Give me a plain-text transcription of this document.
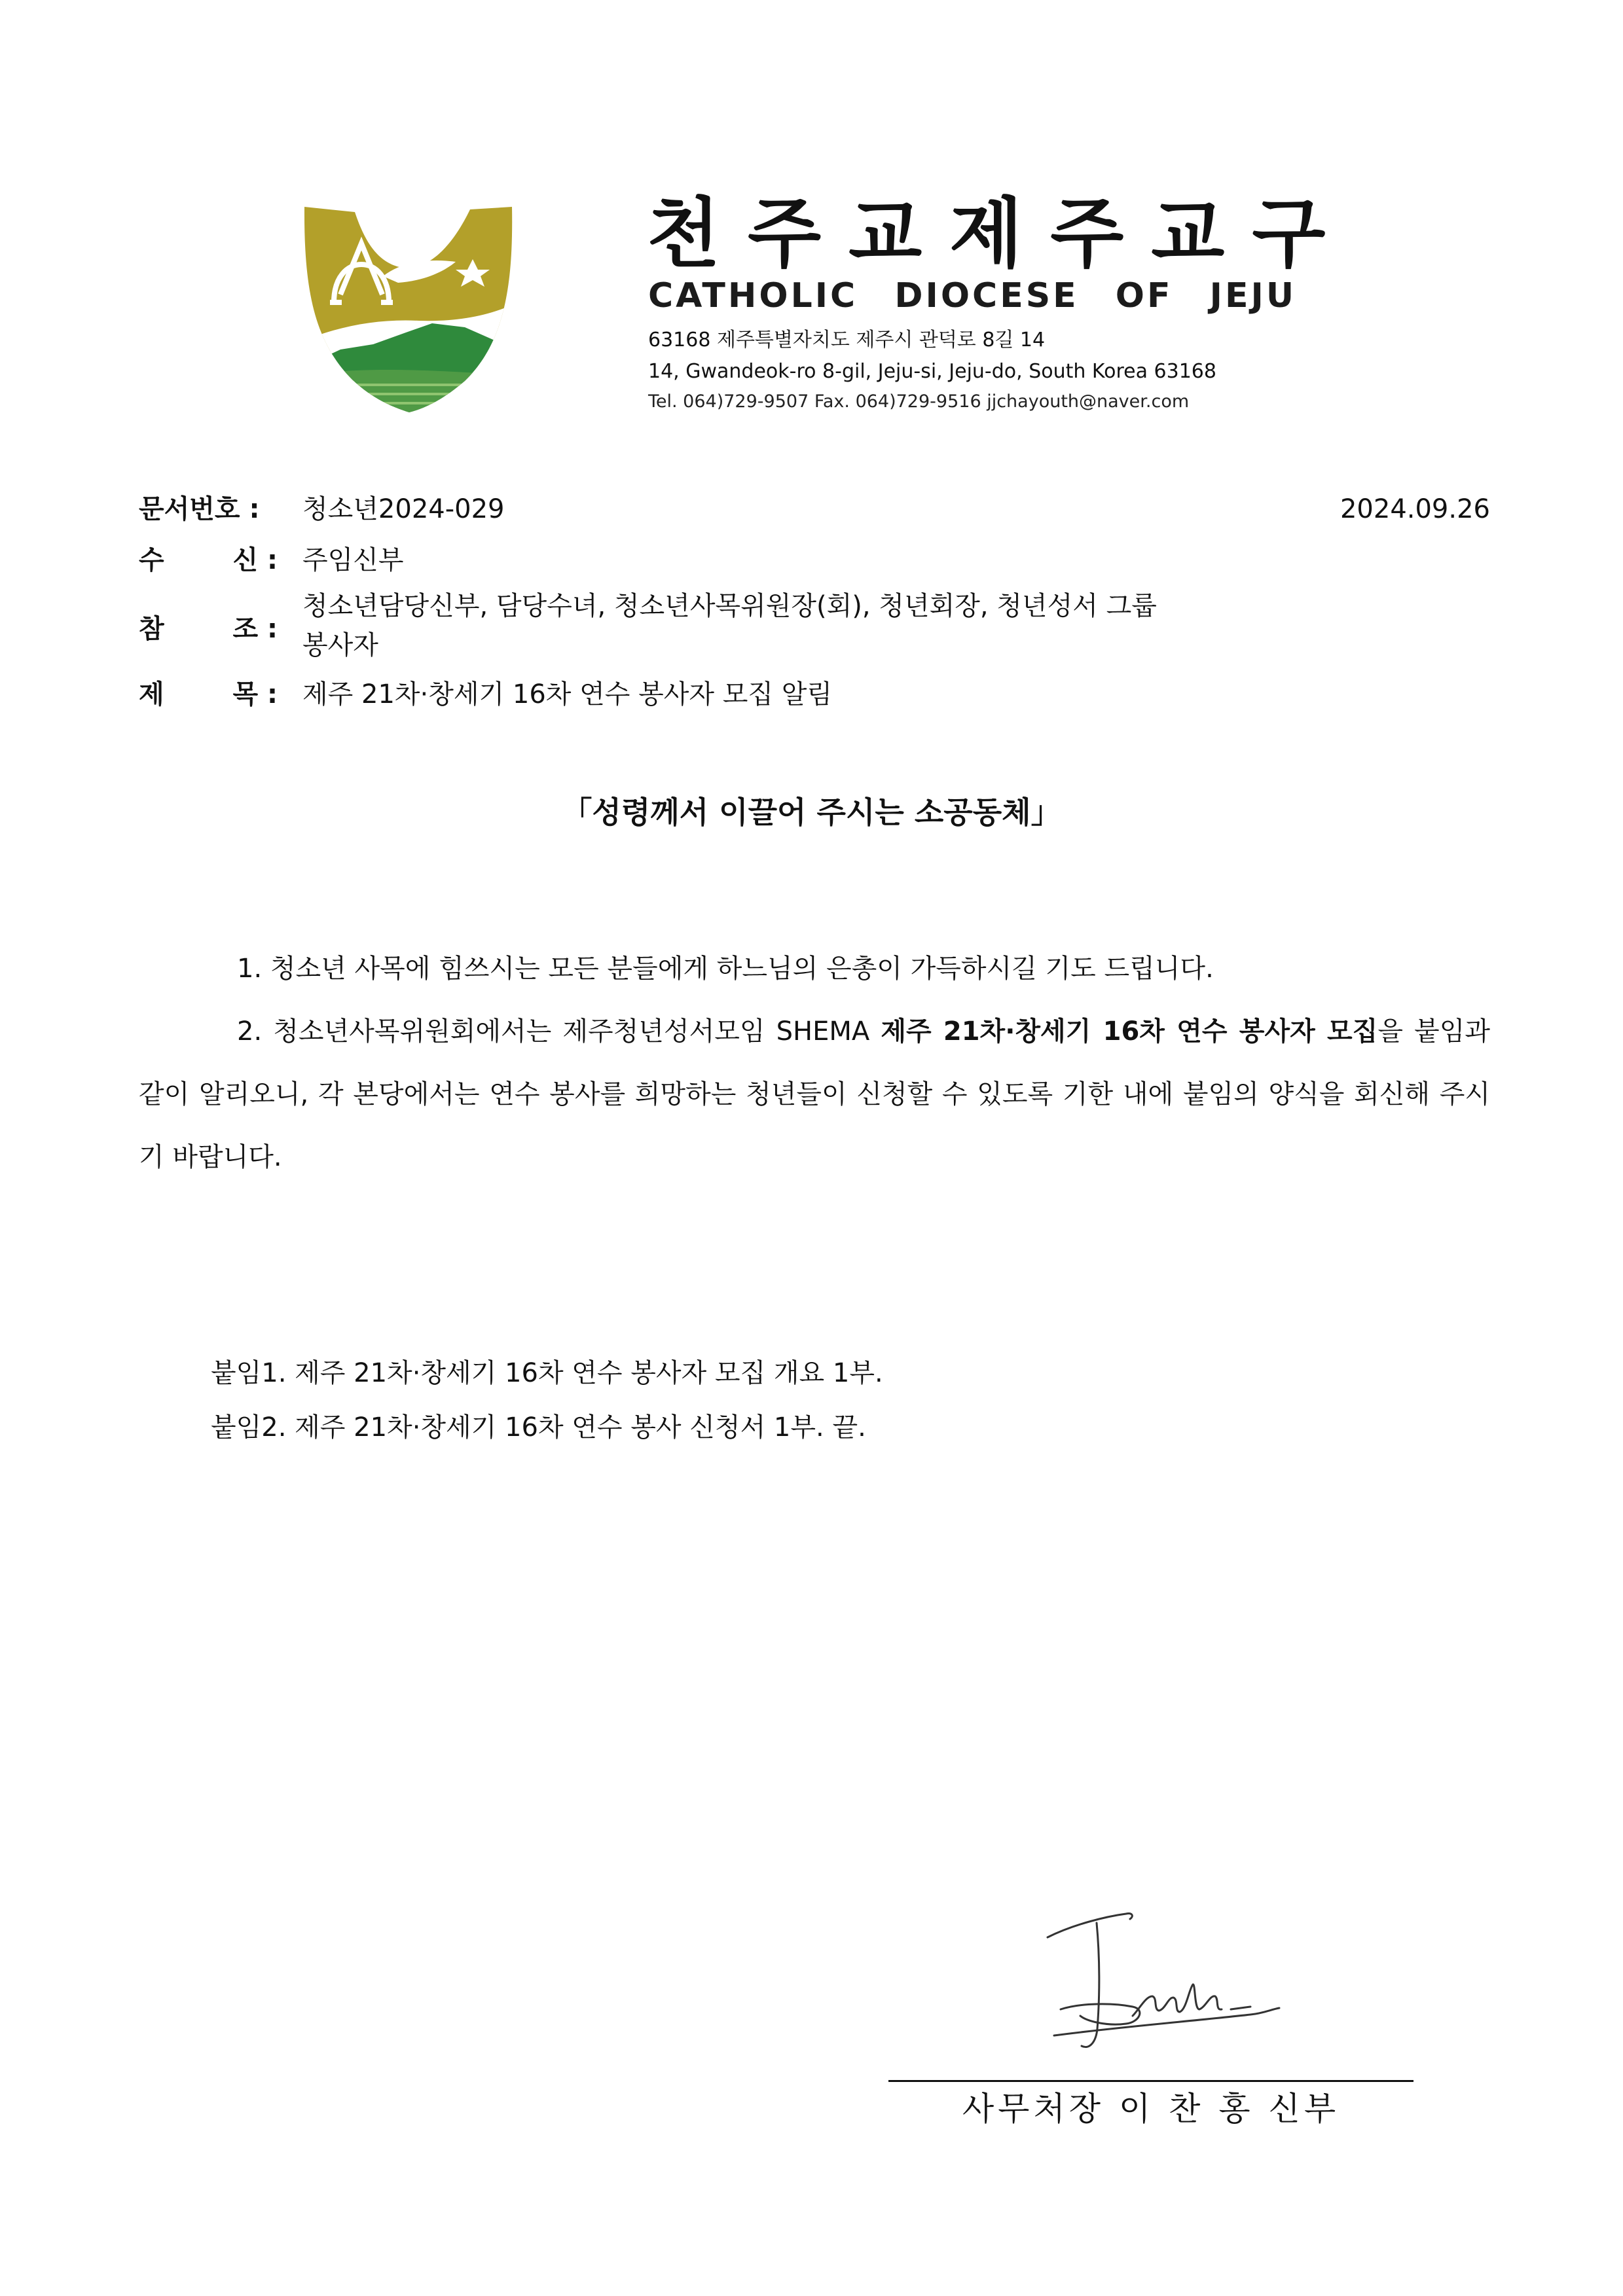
천주교제주교구
CATHOLIC DIOCESE OF JEJU
63168 제주특별자치도 제주시 관덕로 8길 14
14, Gwandeok-ro 8-gil, Jeju-si, Jeju-do, South Korea 63168
Tel. 064)729-9507 Fax. 064)729-9516 jjchayouth@naver.com
문서번호 : 청소년2024-029	2024.09.26
수	신 : 주임신부
참	조 :
청소년담당신부, 담당수녀, 청소년사목위원장(회), 청년회장, 청년성서 그룹
봉사자
제	목 : 제주 21차·창세기 16차 연수 봉사자 모집 알림
「성령께서 이끌어 주시는 소공동체」
1. 청소년 사목에 힘쓰시는 모든 분들에게 하느님의 은총이 가득하시길 기도 드립니다.
2. 청소년사목위원회에서는 제주청년성서모임 SHEMA 제주 21차·창세기 16차 연수 봉사자 모집을 붙임과 같이 알리오니, 각 본당에서는 연수 봉사를 희망하는 청년들이 신청할 수 있도록 기한 내에 붙임의 양식을 회신해 주시기 바랍니다.
붙임1. 제주 21차·창세기 16차 연수 봉사자 모집 개요 1부.
붙임2. 제주 21차·창세기 16차 연수 봉사 신청서 1부. 끝.
사무처장 이 찬 홍 신부
